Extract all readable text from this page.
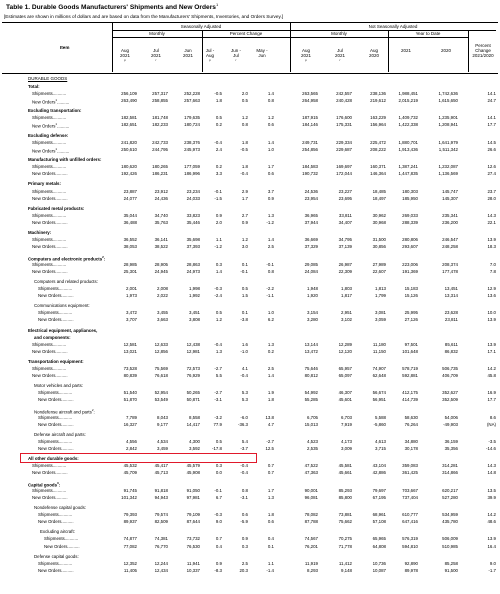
Table 1. Durable Goods Manufacturers' Shipments and New Orders$^1$
[Estimates are shown in millions of dollars and are based on data from the Manufacturers' Shipments, Inventories, and Orders Survey.]
Item
Seasonally Adjusted	Not Seasonally Adjusted
Monthly	Percent Change	Monthly	Year to Date
Aug
2021
$^p$
Jul
2021
$^r$
Jun
2021
Jul -
Aug
$^p$
Jun -
Jul
$^r$
May -
Jun
Aug
2021
$^p$
Jul
2021
$^r$
Aug
2020
2021	2020
Percent Change
2021/2020
DURABLE GOODS
Total:
Shipments...........	256,109	257,317	252,228	-0.5	2.0	1.4	263,565	242,557	238,136	1,988,451	1,742,636	14.1
New Orders$^1$..........	263,490	258,855	257,663	1.8	0.5	0.8	264,958	240,428	219,612	2,015,219	1,615,650	24.7
Excluding transportation:
Shipments...........	182,581	181,748	179,635	0.5	1.2	1.2	187,915	176,600	163,229	1,409,732	1,235,901	14.1
New Orders$^1$..........	182,651	182,233	180,724	0.2	0.8	0.6	184,146	175,331	156,964	1,422,338	1,208,941	17.7
Excluding defense:
Shipments...........	241,820	242,733	238,376	-0.4	1.8	1.4	249,731	229,334	225,472	1,880,701	1,641,979	14.5
New Orders$^1$..........	250,610	244,795	245,973	2.4	-0.5	1.0	254,856	229,687	208,222	1,913,436	1,511,342	26.6
Manufacturing with unfilled orders:
Shipments...........	180,620	180,265	177,059	0.2	1.8	1.7	184,583	169,697	160,371	1,387,241	1,232,087	12.6
New Orders..........	192,426	186,231	186,996	3.3	-0.4	0.6	190,732	172,044	146,364	1,447,835	1,136,569	27.4
Primary metals:
Shipments...........	23,887	23,912	23,234	-0.1	2.9	3.7	24,536	23,227	18,485	180,303	145,747	23.7
New Orders..........	24,077	24,436	24,033	-1.5	1.7	0.9	23,954	23,695	18,497	185,950	145,307	28.0
Fabricated metal products:
Shipments...........	35,044	34,740	33,823	0.9	2.7	1.3	36,965	33,811	30,962	269,033	235,341	14.3
New Orders..........	36,488	35,763	35,446	2.0	0.9	-1.2	37,944	34,407	30,968	288,339	236,200	22.1
Machinery:
Shipments...........	36,552	36,141	35,698	1.1	1.2	1.4	36,669	34,795	31,500	280,806	246,547	13.9
New Orders..........	38,053	38,522	37,393	-1.2	3.0	2.5	37,329	37,139	30,856	293,607	248,258	18.3
Computers and electronic products$^2$:
Shipments...........	28,985	28,905	28,863	0.3	0.1	-0.1	29,085	26,987	27,989	223,006	208,374	7.0
New Orders..........	25,301	24,945	24,973	1.4	-0.1	0.8	24,084	22,309	22,607	191,369	177,478	7.8
Computers and related products:
Shipments...........	2,001	2,008	1,998	-0.3	0.5	-2.2	1,948	1,803	1,813	15,183	13,451	12.9
New Orders..........	1,973	2,022	1,992	-2.4	1.5	-1.1	1,920	1,817	1,799	15,126	13,314	13.6
Communications equipment:
Shipments...........	3,472	3,455	3,451	0.5	0.1	1.0	3,154	2,951	3,081	25,995	23,628	10.0
New Orders..........	3,707	3,663	3,808	1.2	-3.8	6.2	3,280	3,102	3,059	27,126	23,811	13.9
Electrical equipment, appliances,
and components:
Shipments...........	12,581	12,633	12,438	-0.4	1.6	1.3	13,144	12,289	11,180	97,501	85,611	13.9
New Orders..........	13,021	12,856	12,981	1.3	-1.0	0.2	13,472	12,120	11,150	101,648	86,832	17.1
Transportation equipment:
Shipments...........	73,528	75,569	72,573	-2.7	4.1	2.5	75,646	65,957	74,907	578,719	506,735	14.2
New Orders..........	80,839	76,618	76,929	5.5	-0.4	1.4	80,812	65,097	62,648	592,881	406,709	45.8
Motor vehicles and parts:
Shipments...........	51,540	52,954	50,265	-2.7	5.3	1.9	54,992	46,307	56,674	412,175	352,627	16.9
New Orders..........	51,870	53,549	50,871	-3.1	5.3	1.8	55,285	45,601	56,951	414,739	352,509	17.7
Nondefense aircraft and parts$^2$:
Shipments...........	7,789	8,043	8,558	-3.2	-6.0	13.8	6,705	6,703	5,588	58,630	54,006	8.6
New Orders..........	16,327	9,177	14,417	77.9	-36.3	4.7	15,013	7,919	-5,860	76,264	-49,903	(NA)
Defense aircraft and parts:
Shipments...........	4,556	4,534	4,300	0.5	5.4	-2.7	4,523	4,173	4,613	34,880	36,159	-3.5
New Orders..........	2,842	3,459	3,592	-17.8	-3.7	12.5	2,535	3,009	3,715	30,178	35,356	-14.6
All other durable goods:
Shipments...........	45,532	45,417	45,579	0.3	-0.4	0.7	47,522	45,581	43,104	359,083	314,281	14.3
New Orders..........	45,709	45,713	45,908	0.0	-0.4	0.7	47,363	45,661	42,886	361,425	314,866	14.8
Capital goods$^3$:
Shipments...........	91,745	91,818	91,050	-0.1	0.8	1.7	90,001	85,293	79,697	703,667	620,217	13.5
New Orders..........	101,342	94,943	97,981	6.7	-3.1	1.3	96,081	85,800	67,195	737,404	527,280	39.9
Nondefense capital goods:
Shipments...........	79,393	79,574	79,109	-0.3	0.6	1.8	78,082	73,881	68,961	610,777	534,959	14.2
New Orders..........	89,937	82,509	87,644	9.0	-5.9	0.6	87,788	75,662	57,108	647,416	435,780	48.6
Excluding aircraft:
Shipments...........	74,877	74,381	73,732	0.7	0.9	0.4	74,567	70,275	65,965	576,319	506,009	13.9
New Orders..........	77,082	76,770	76,530	0.4	0.3	0.1	76,201	71,778	64,808	594,810	510,985	16.4
Defense capital goods:
Shipments...........	12,352	12,244	11,941	0.9	2.5	1.1	11,919	11,412	10,736	92,890	85,258	9.0
New Orders..........	11,405	12,434	10,337	-8.3	20.3	-1.4	8,293	9,148	10,087	89,978	91,500	-1.7
